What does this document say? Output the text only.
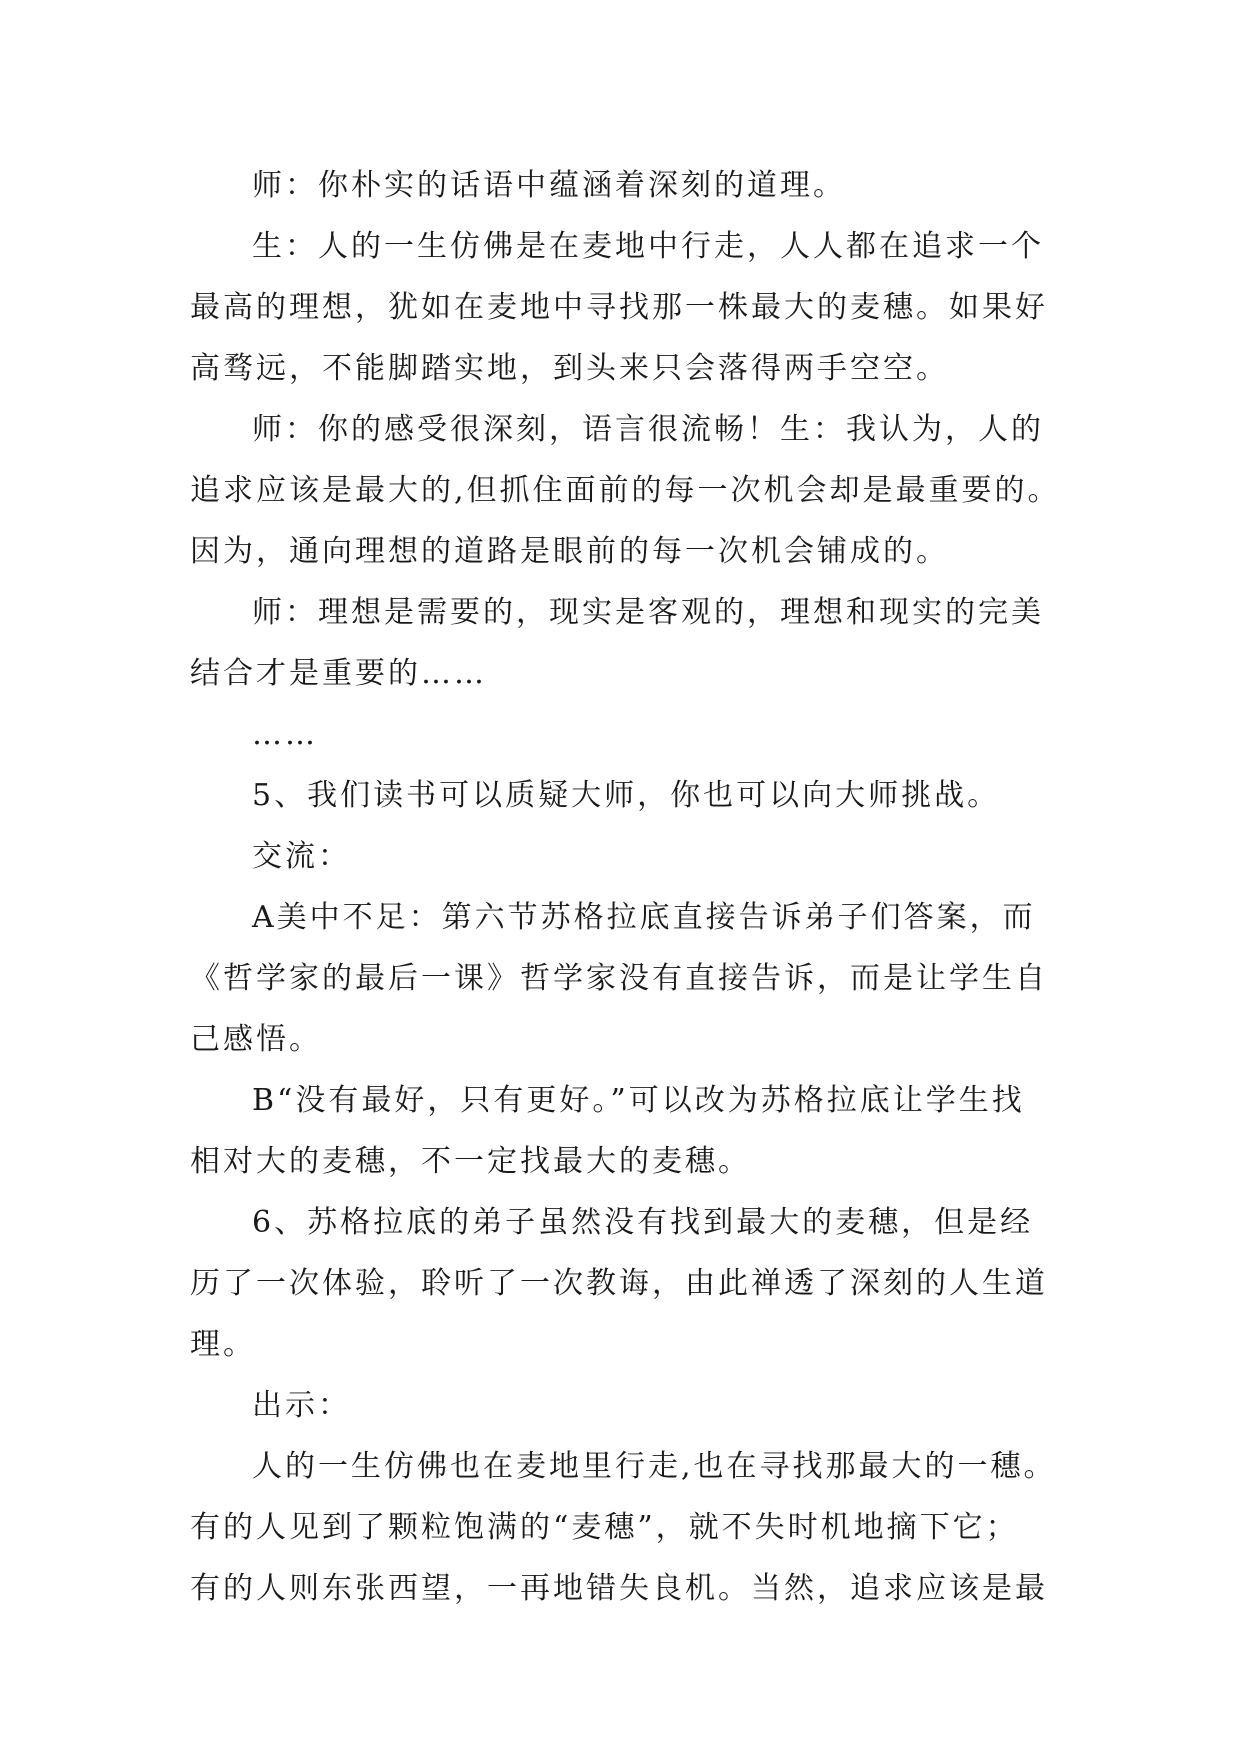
师：你朴实的话语中蕴涵着深刻的道理。
生：人的一生仿佛是在麦地中行走，人人都在追求一个
最高的理想，犹如在麦地中寻找那一株最大的麦穗。如果好
高骛远，不能脚踏实地，到头来只会落得两手空空。
师：你的感受很深刻，语言很流畅！生：我认为，人的
追求应该是最大的,但抓住面前的每一次机会却是最重要的。
因为，通向理想的道路是眼前的每一次机会铺成的。
师：理想是需要的，现实是客观的，理想和现实的完美
结合才是重要的……
……
5、我们读书可以质疑大师，你也可以向大师挑战。
交流：
A美中不足：第六节苏格拉底直接告诉弟子们答案，而
《哲学家的最后一课》哲学家没有直接告诉，而是让学生自
己感悟。
B“没有最好，只有更好。”可以改为苏格拉底让学生找
相对大的麦穗，不一定找最大的麦穗。
6、苏格拉底的弟子虽然没有找到最大的麦穗，但是经
历了一次体验，聆听了一次教诲，由此禅透了深刻的人生道
理。
出示：
人的一生仿佛也在麦地里行走,也在寻找那最大的一穗。
有的人见到了颗粒饱满的“麦穗”，就不失时机地摘下它；
有的人则东张西望，一再地错失良机。当然，追求应该是最
